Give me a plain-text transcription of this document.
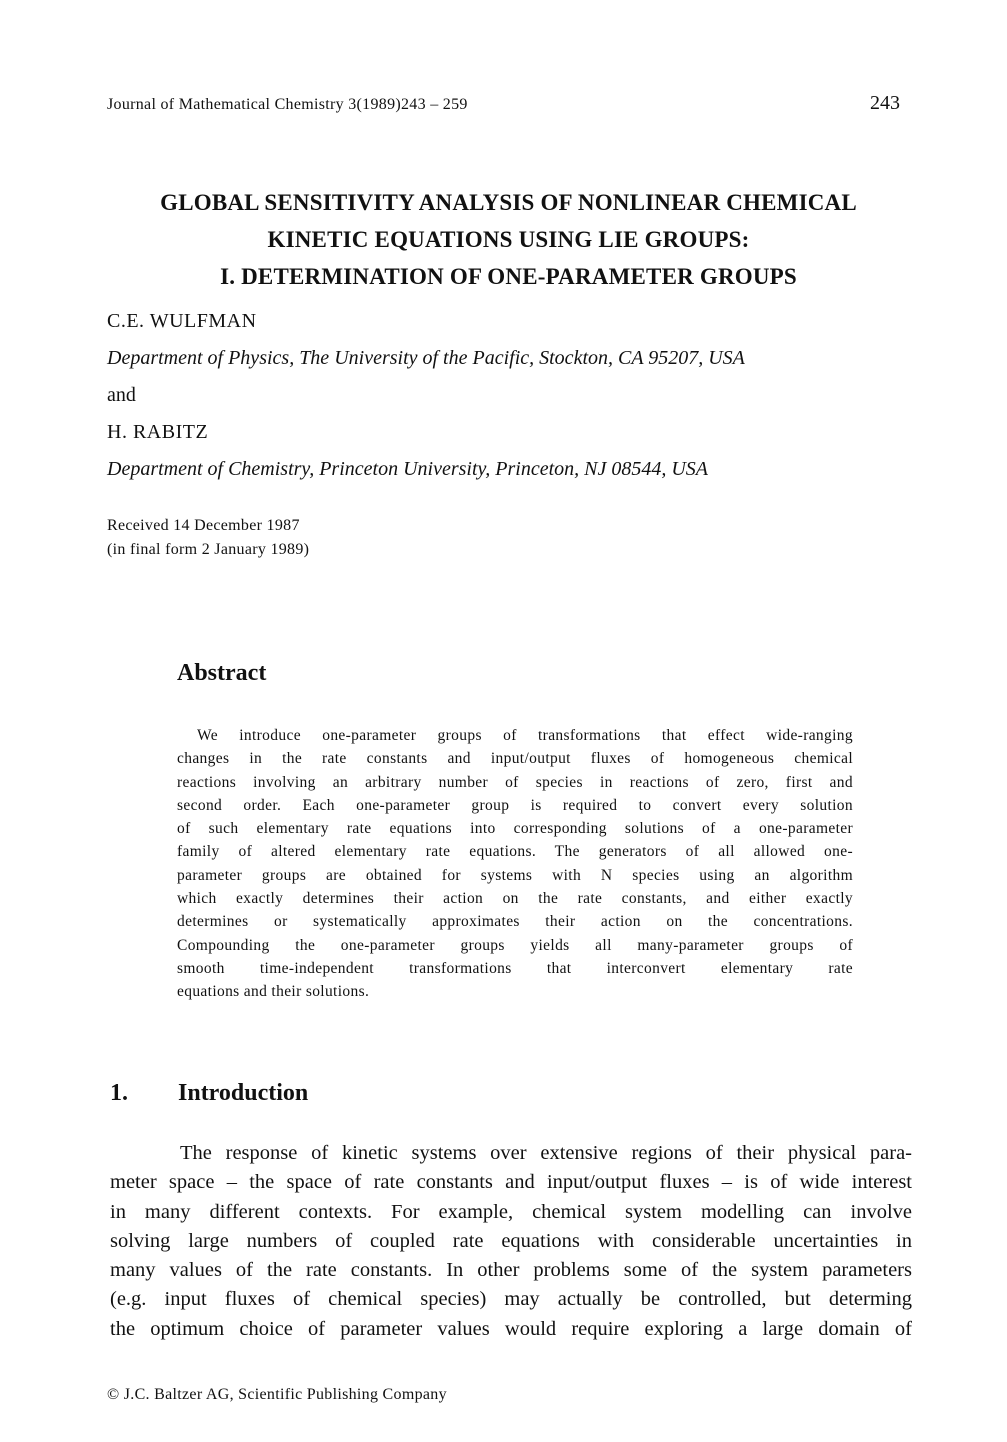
Journal of Mathematical Chemistry 3(1989)243 – 259	243
GLOBAL SENSITIVITY ANALYSIS OF NONLINEAR CHEMICAL
KINETIC EQUATIONS USING LIE GROUPS:
I. DETERMINATION OF ONE-PARAMETER GROUPS
C.E. WULFMAN
Department of Physics, The University of the Pacific, Stockton, CA 95207, USA
and
H. RABITZ
Department of Chemistry, Princeton University, Princeton, NJ 08544, USA
Received 14 December 1987
(in final form 2 January 1989)
Abstract
We introduce one-parameter groups of transformations that effect wide-ranging
changes in the rate constants and input/output fluxes of homogeneous chemical
reactions involving an arbitrary number of species in reactions of zero, first and
second order. Each one-parameter group is required to convert every solution
of such elementary rate equations into corresponding solutions of a one-parameter
family of altered elementary rate equations. The generators of all allowed one-
parameter groups are obtained for systems with N species using an algorithm
which exactly determines their action on the rate constants, and either exactly
determines or systematically approximates their action on the concentrations.
Compounding the one-parameter groups yields all many-parameter groups of
smooth time-independent transformations that interconvert elementary rate
equations and their solutions.
1. Introduction
The response of kinetic systems over extensive regions of their physical para-
meter space – the space of rate constants and input/output fluxes – is of wide interest
in many different contexts. For example, chemical system modelling can involve
solving large numbers of coupled rate equations with considerable uncertainties in
many values of the rate constants. In other problems some of the system parameters
(e.g. input fluxes of chemical species) may actually be controlled, but determing
the optimum choice of parameter values would require exploring a large domain of
© J.C. Baltzer AG, Scientific Publishing Company
